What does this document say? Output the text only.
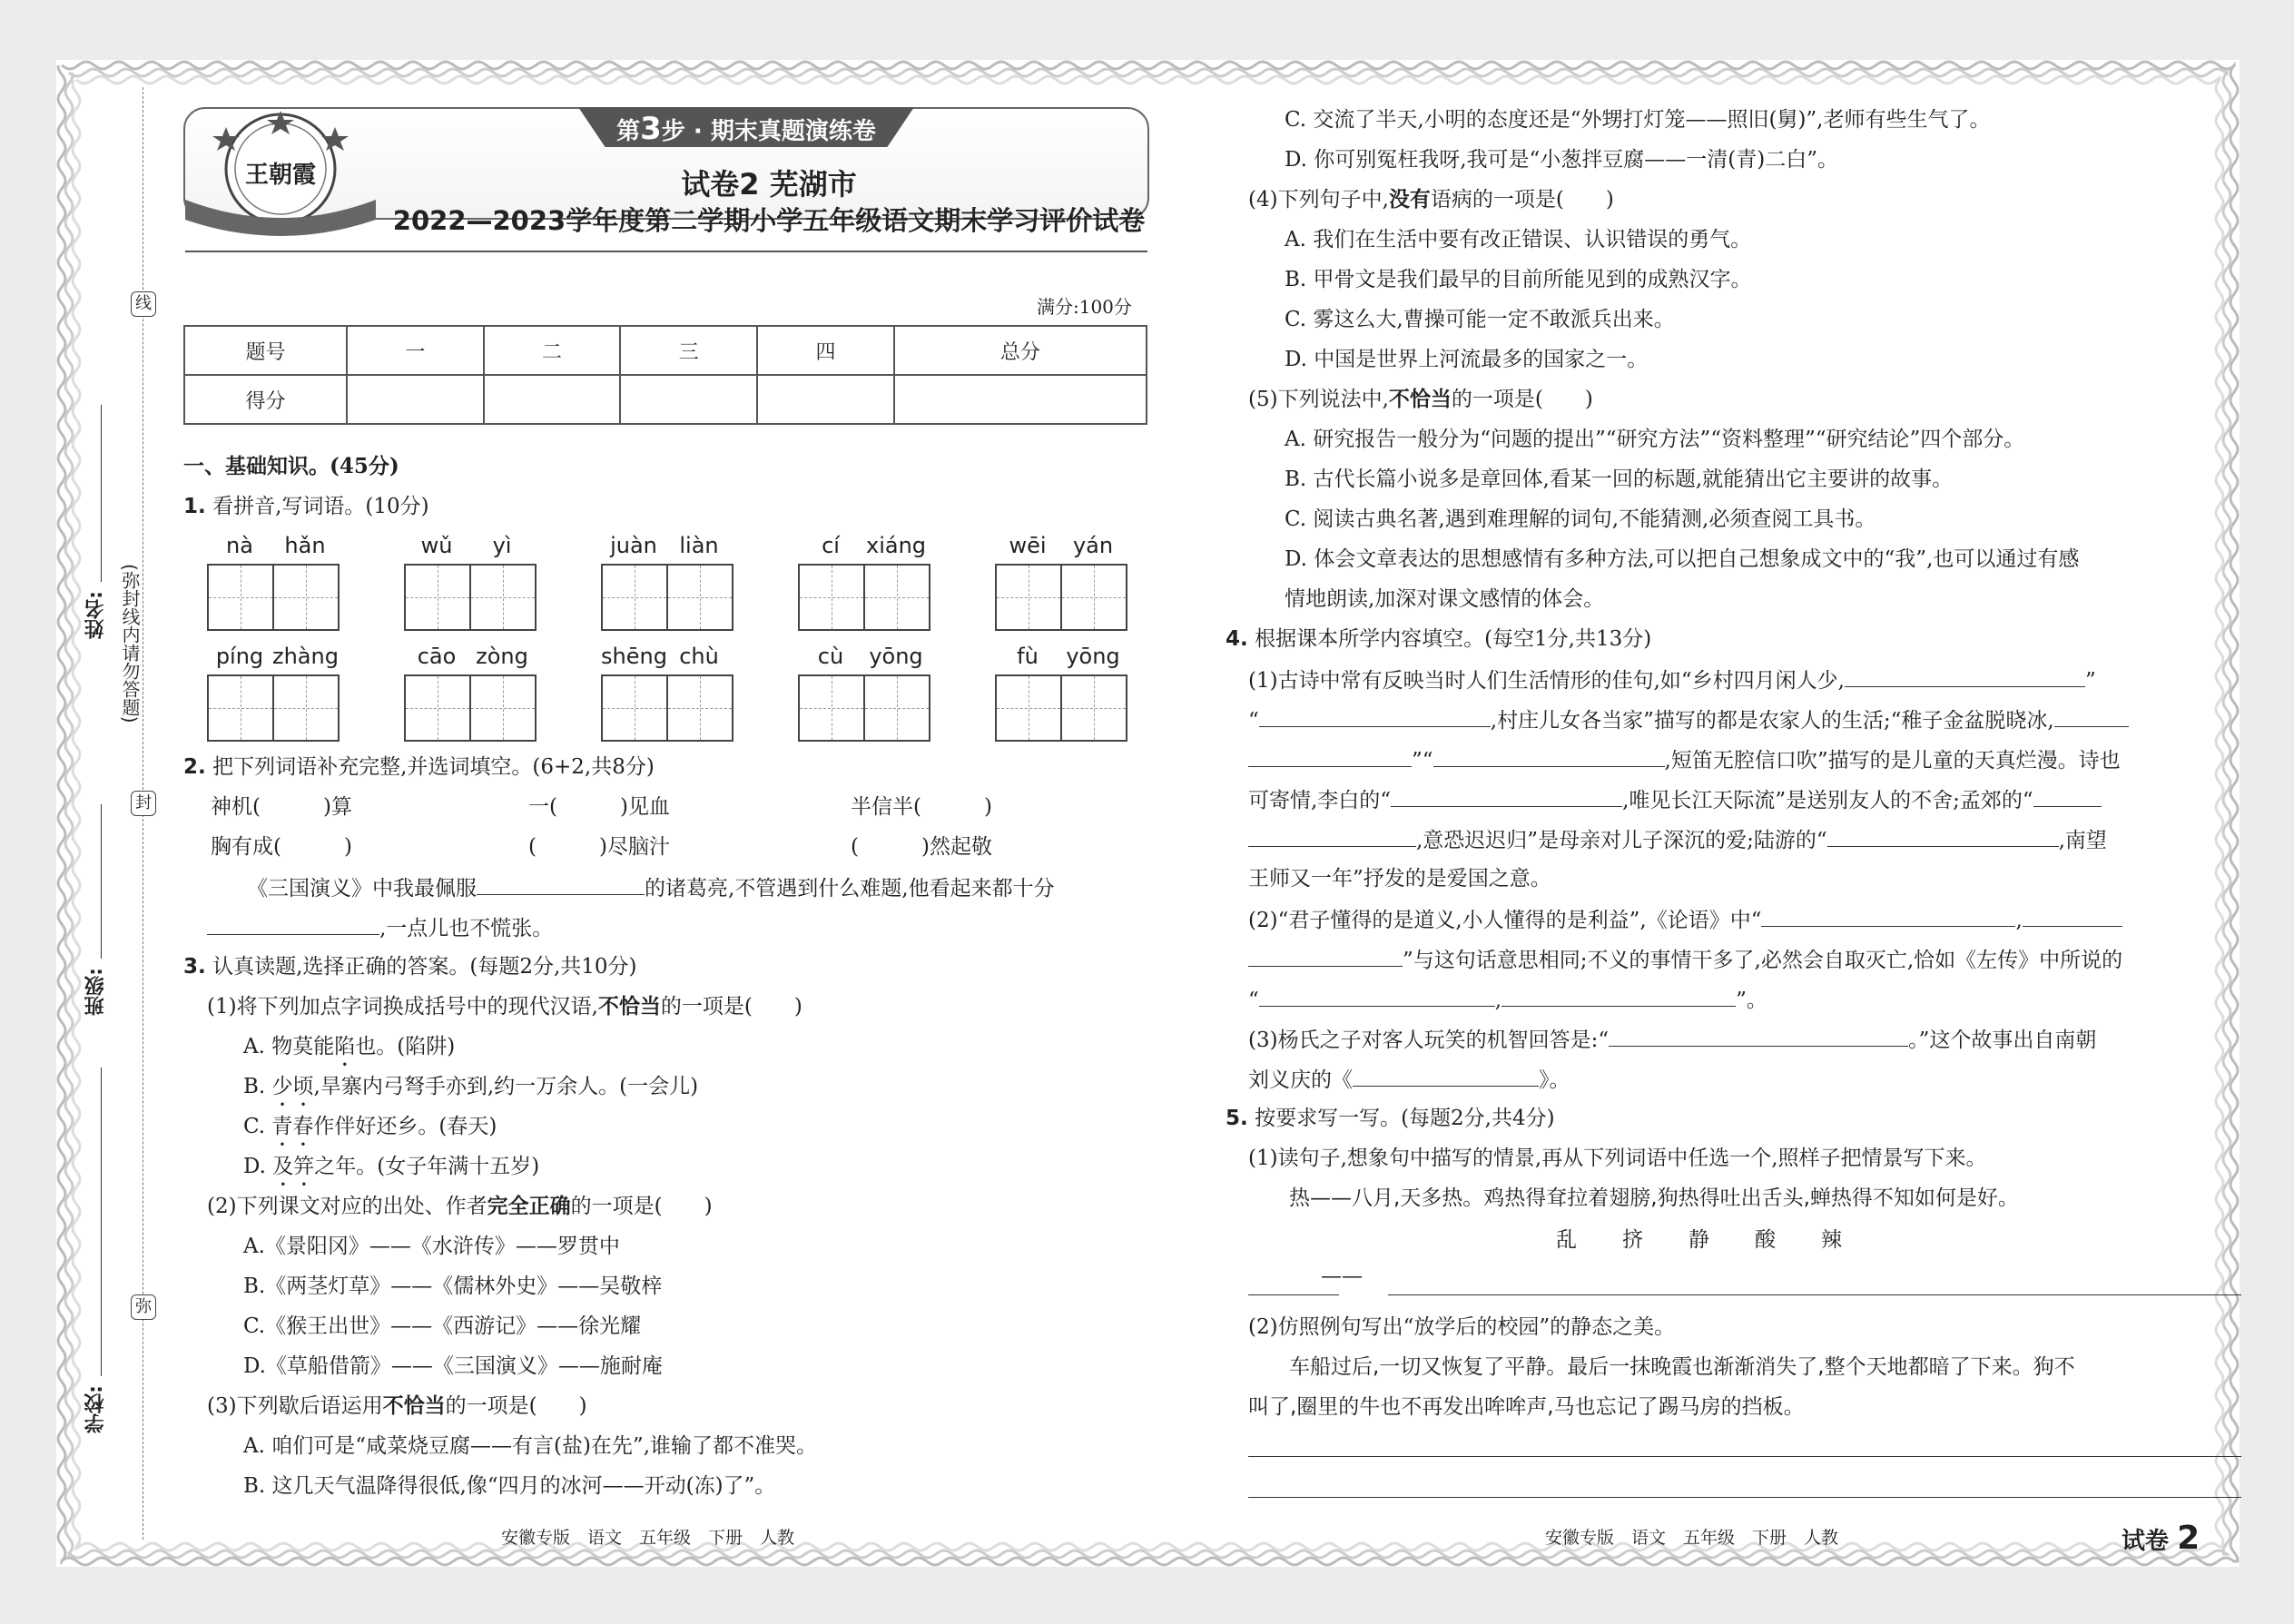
线
封
弥
(弥封线内请勿答题)
姓名:
班级:
学校:
王朝霞
第3步 · 期末真题演练卷
试卷2 芜湖市
2022—2023学年度第二学期小学五年级语文期末学习评价试卷
满分:100分
题号	一	二	三	四	总分
得分					
一、基础知识。(45分)
1. 看拼音,写词语。(10分)
nà hǎn	wǔ yì	juàn liàn	cí xiáng	wēi yán
píng zhàng	cāo zòng	shēng chù	cù yōng	fù yōng
2. 把下列词语补充完整,并选词填空。(6+2,共8分)
神机(　　　)算	一(　　　)见血	半信半(　　　)
胸有成(　　　)	(　　　)尽脑汁	(　　　)然起敬
《三国演义》中我最佩服	的诸葛亮,不管遇到什么难题,他看起来都十分
,一点儿也不慌张。
3. 认真读题,选择正确的答案。(每题2分,共10分)
(1)将下列加点字词换成括号中的现代汉语,不恰当的一项是(　　)
A. 物莫能陷也。(陷阱)
B. 少顷,旱寨内弓弩手亦到,约一万余人。(一会儿)
C. 青春作伴好还乡。(春天)
D. 及笄之年。(女子年满十五岁)
(2)下列课文对应的出处、作者完全正确的一项是(　　)
A.《景阳冈》——《水浒传》——罗贯中
B.《两茎灯草》——《儒林外史》——吴敬梓
C.《猴王出世》——《西游记》——徐光耀
D.《草船借箭》——《三国演义》——施耐庵
(3)下列歇后语运用不恰当的一项是(　　)
A. 咱们可是“咸菜烧豆腐——有言(盐)在先”,谁输了都不准哭。
B. 这几天气温降得很低,像“四月的冰河——开动(冻)了”。
安徽专版　语文　五年级　下册　人教
C. 交流了半天,小明的态度还是“外甥打灯笼——照旧(舅)”,老师有些生气了。
D. 你可别冤枉我呀,我可是“小葱拌豆腐——一清(青)二白”。
(4)下列句子中,没有语病的一项是(　　)
A. 我们在生活中要有改正错误、认识错误的勇气。
B. 甲骨文是我们最早的目前所能见到的成熟汉字。
C. 雾这么大,曹操可能一定不敢派兵出来。
D. 中国是世界上河流最多的国家之一。
(5)下列说法中,不恰当的一项是(　　)
A. 研究报告一般分为“问题的提出”“研究方法”“资料整理”“研究结论”四个部分。
B. 古代长篇小说多是章回体,看某一回的标题,就能猜出它主要讲的故事。
C. 阅读古典名著,遇到难理解的词句,不能猜测,必须查阅工具书。
D. 体会文章表达的思想感情有多种方法,可以把自己想象成文中的“我”,也可以通过有感
情地朗读,加深对课文感情的体会。
4. 根据课本所学内容填空。(每空1分,共13分)
(1)古诗中常有反映当时人们生活情形的佳句,如“乡村四月闲人少,	”
“	,村庄儿女各当家”描写的都是农家人的生活;“稚子金盆脱晓冰,
”“	,短笛无腔信口吹”描写的是儿童的天真烂漫。诗也
可寄情,李白的“	,唯见长江天际流”是送别友人的不舍;孟郊的“
,意恐迟迟归”是母亲对儿子深沉的爱;陆游的“	,南望
王师又一年”抒发的是爱国之意。
(2)“君子懂得的是道义,小人懂得的是利益”,《论语》中“	,
”与这句话意思相同;不义的事情干多了,必然会自取灭亡,恰如《左传》中所说的
“	,	”。
(3)杨氏之子对客人玩笑的机智回答是:“	。”这个故事出自南朝
刘义庆的《	》。
5. 按要求写一写。(每题2分,共4分)
(1)读句子,想象句中描写的情景,再从下列词语中任选一个,照样子把情景写下来。
热——八月,天多热。鸡热得耷拉着翅膀,狗热得吐出舌头,蝉热得不知如何是好。
乱 挤 静 酸 辣
——
(2)仿照例句写出“放学后的校园”的静态之美。
车船过后,一切又恢复了平静。最后一抹晚霞也渐渐消失了,整个天地都暗了下来。狗不
叫了,圈里的牛也不再发出哞哞声,马也忘记了踢马房的挡板。
安徽专版　语文　五年级　下册　人教	试卷 2
